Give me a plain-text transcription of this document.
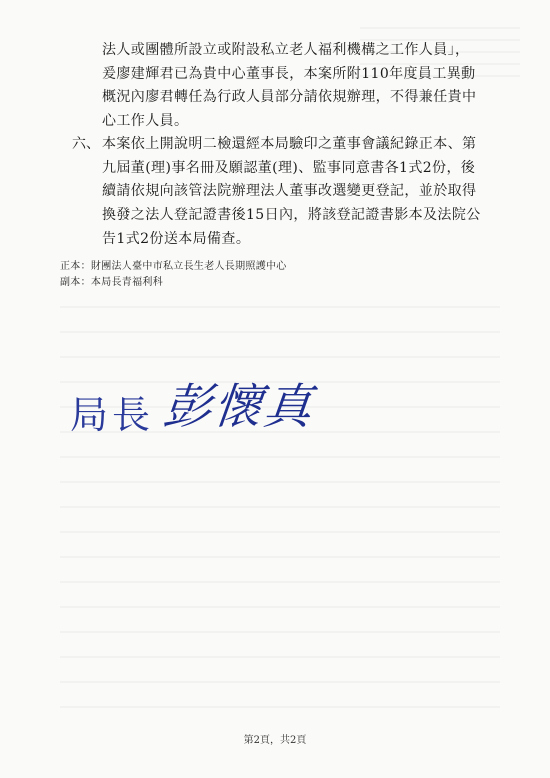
法人或團體所設立或附設私立老人福利機構之工作人員」，
爰廖建輝君已為貴中心董事長，本案所附110年度員工異動
概況內廖君轉任為行政人員部分請依規辦理，不得兼任貴中
心工作人員。
六、 本案依上開說明二檢還經本局驗印之董事會議紀錄正本、第
九屆董(理)事名冊及願認董(理)、監事同意書各1式2份，後
續請依規向該管法院辦理法人董事改選變更登記，並於取得
換發之法人登記證書後15日內，將該登記證書影本及法院公
告1式2份送本局備查。
正本：財團法人臺中市私立長生老人長期照護中心
副本：本局長青福利科
局長 彭懷真
第2頁，共2頁
